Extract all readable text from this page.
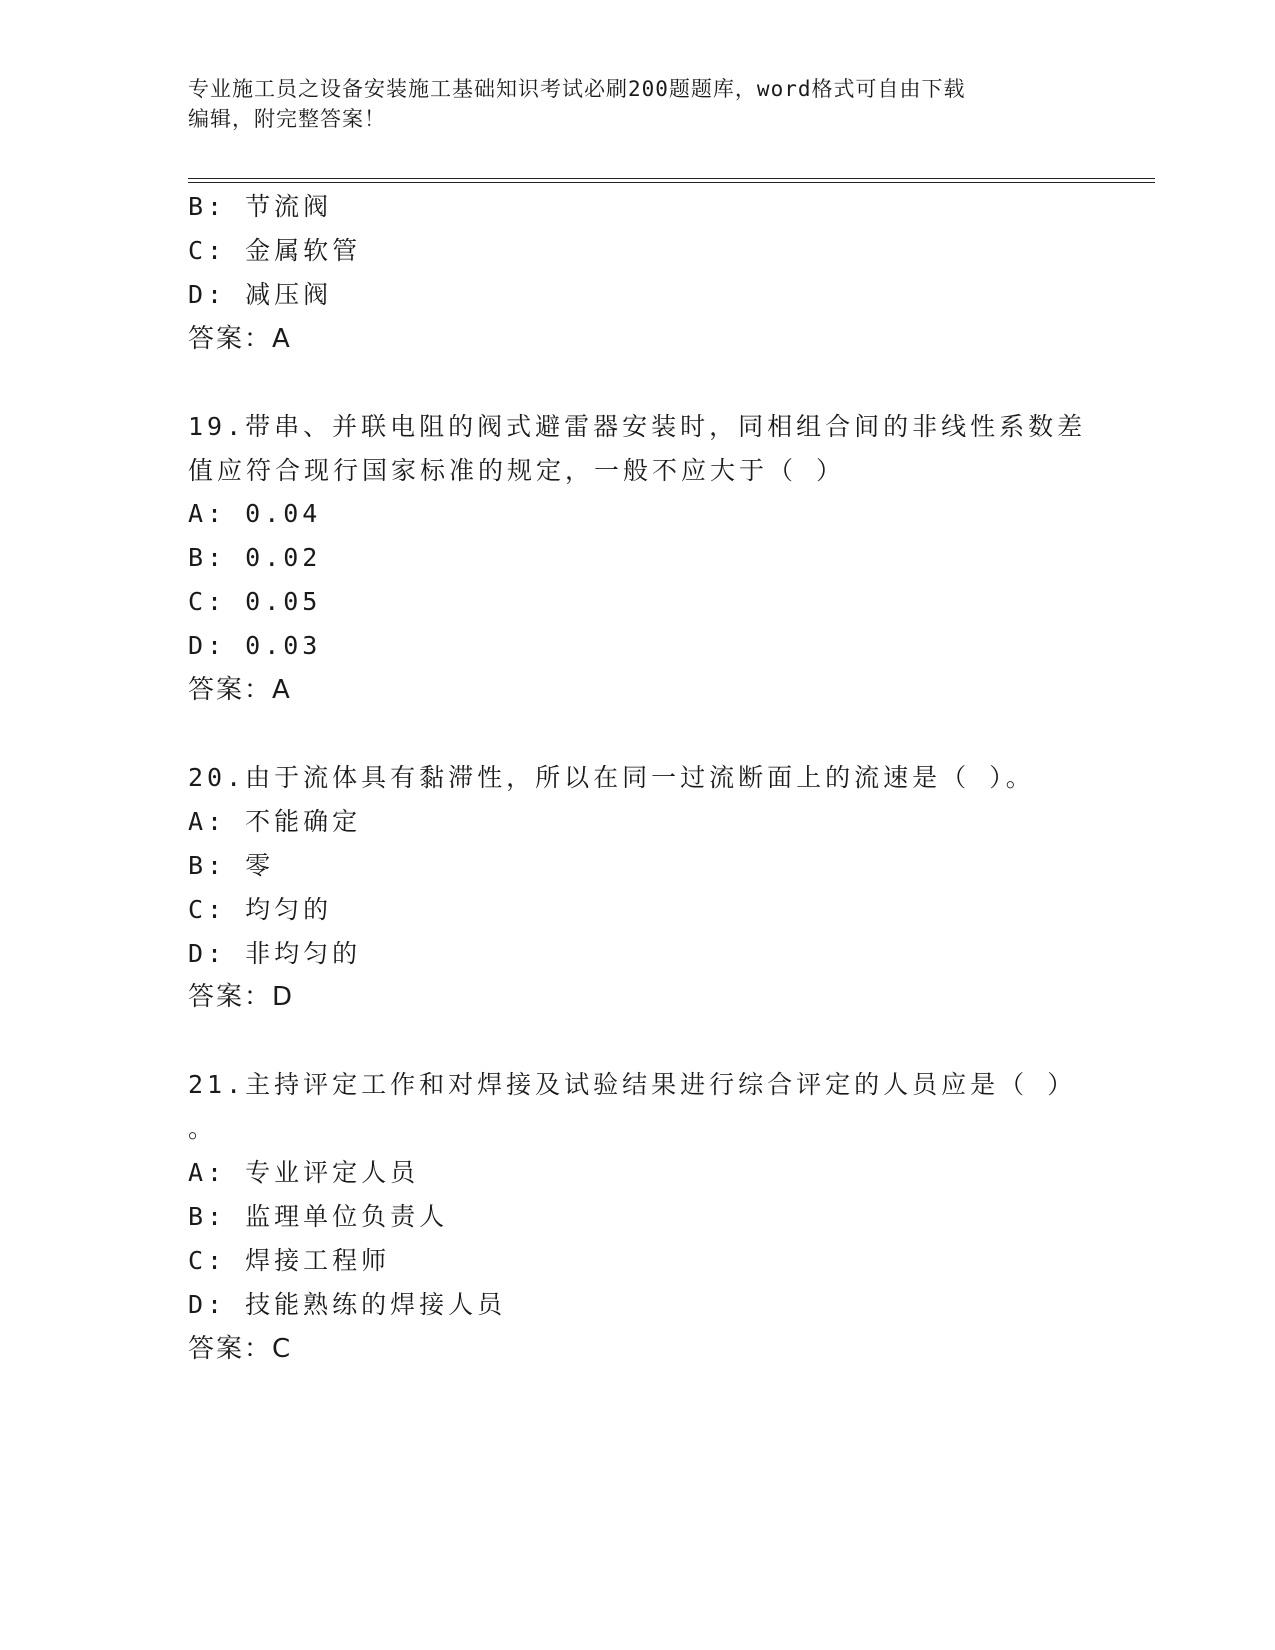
专业施工员之设备安装施工基础知识考试必刷200题题库，word格式可自由下载
编辑，附完整答案！
B: 节流阀
C: 金属软管
D: 减压阀
答案：A
19.带串、并联电阻的阀式避雷器安装时，同相组合间的非线性系数差
值应符合现行国家标准的规定，一般不应大于（ ）
A: 0.04
B: 0.02
C: 0.05
D: 0.03
答案：A
20.由于流体具有黏滞性，所以在同一过流断面上的流速是（ ）。
A: 不能确定
B: 零
C: 均匀的
D: 非均匀的
答案：D
21.主持评定工作和对焊接及试验结果进行综合评定的人员应是（ ）
。
A: 专业评定人员
B: 监理单位负责人
C: 焊接工程师
D: 技能熟练的焊接人员
答案：C
